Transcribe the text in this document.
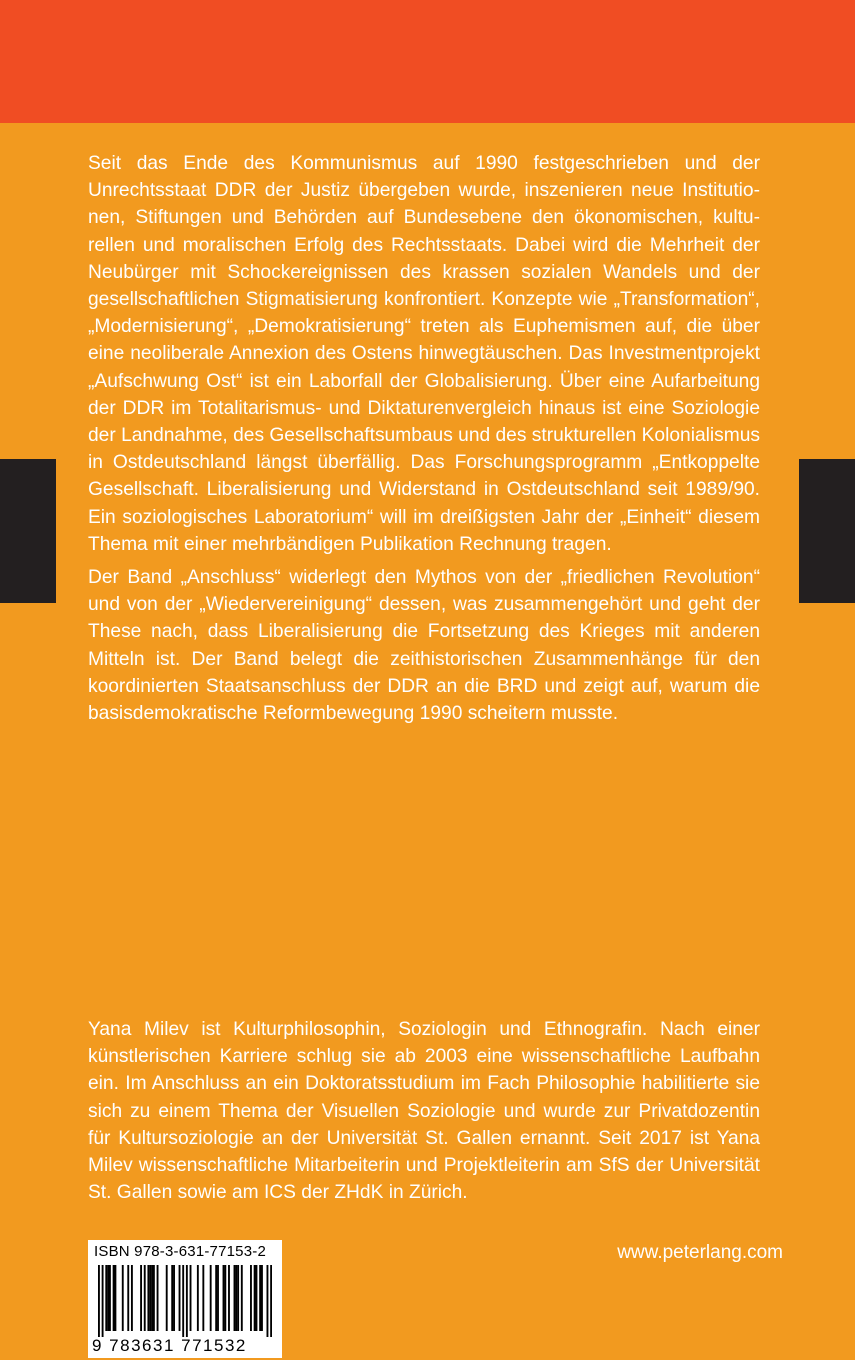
Seit das Ende des Kommunismus auf 1990 festgeschrieben und der Unrechtsstaat DDR der Justiz übergeben wurde, inszenieren neue Institutionen, Stiftungen und Behörden auf Bundesebene den ökonomischen, kulturellen und moralischen Erfolg des Rechtsstaats. Dabei wird die Mehrheit der Neubürger mit Schockereignissen des krassen sozialen Wandels und der gesellschaftlichen Stigmatisierung konfrontiert. Konzepte wie „Transformation“, „Modernisierung“, „Demokratisierung“ treten als Euphemismen auf, die über eine neoliberale Annexion des Ostens hinwegtäuschen. Das Investmentprojekt „Aufschwung Ost“ ist ein Laborfall der Globalisierung. Über eine Aufarbeitung der DDR im Totalitarismus- und Diktaturenvergleich hinaus ist eine Soziologie der Landnahme, des Gesellschaftsumbaus und des strukturellen Kolonialismus in Ostdeutschland längst überfällig. Das Forschungsprogramm „Entkoppelte Gesellschaft. Liberalisierung und Widerstand in Ostdeutschland seit 1989/90. Ein soziologisches Laboratorium“ will im dreißigsten Jahr der „Einheit“ diesem Thema mit einer mehrbändigen Publikation Rechnung tragen.

Der Band „Anschluss“ widerlegt den Mythos von der „friedlichen Revolution“ und von der „Wiedervereinigung“ dessen, was zusammengehört und geht der These nach, dass Liberalisierung die Fortsetzung des Krieges mit anderen Mitteln ist. Der Band belegt die zeithistorischen Zusammenhänge für den koordinierten Staatsanschluss der DDR an die BRD und zeigt auf, warum die basisdemokratische Reformbewegung 1990 scheitern musste.

Yana Milev ist Kulturphilosophin, Soziologin und Ethnografin. Nach einer künstlerischen Karriere schlug sie ab 2003 eine wissenschaftliche Laufbahn ein. Im Anschluss an ein Doktoratsstudium im Fach Philosophie habilitierte sie sich zu einem Thema der Visuellen Soziologie und wurde zur Privatdozentin für Kultursoziologie an der Universität St. Gallen ernannt. Seit 2017 ist Yana Milev wissenschaftliche Mitarbeiterin und Projektleiterin am SfS der Universität St. Gallen sowie am ICS der ZHdK in Zürich.

ISBN 978-3-631-77153-2
9 783631 771532
www.peterlang.com
